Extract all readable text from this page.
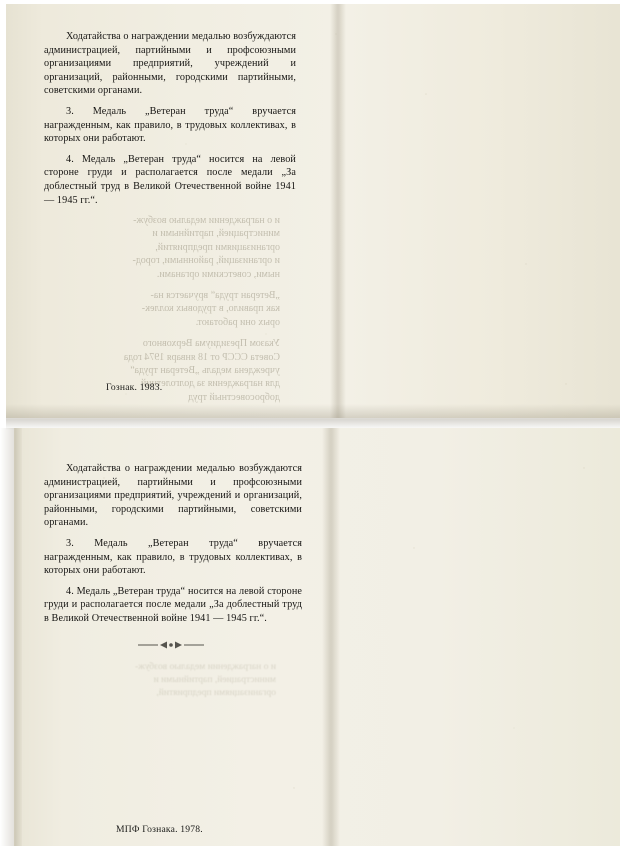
Ходатайства о награждении медалью возбуждаются администрацией, партийными и профсоюзными организациями предприятий, учреждений и организаций, районными, городскими партийными, советскими органами.

3. Медаль „Ветеран труда“ вручается награжденным, как правило, в трудовых коллективах, в которых они работают.

4. Медаль „Ветеран труда“ носится на левой стороне груди и располагается после медали „За доблестный труд в Великой Отечественной войне 1941 — 1945 гг.“.

и о награждении медалью возбуж-

министрацией, партийными и

организациями предприятий,

и организаций, районными, город-

ными, советскими органами.

„Ветеран труда“ вручается на-

как правило, в трудовых коллек-

орых они работают.

Указом Президиума Верховного

Совета СССР от 18 января 1974 года

учреждена медаль „Ветеран труда“

для награждения за долголетний

добросовестный труд

Гознак. 1983.

Ходатайства о награждении медалью возбуждаются администрацией, партийными и профсоюзными организациями предприятий, учреждений и организаций, районными, городскими партийными, советскими органами.

3. Медаль „Ветеран труда“ вручается награжденным, как правило, в трудовых коллективах, в которых они работают.

4. Медаль „Ветеран труда“ носится на левой стороне груди и располагается после медали „За доблестный труд в Великой Отечественной войне 1941 — 1945 гг.“.

и о награждении медалью возбуж-

министрацией, партийными и

организациями предприятий,

МПФ Гознака. 1978.
